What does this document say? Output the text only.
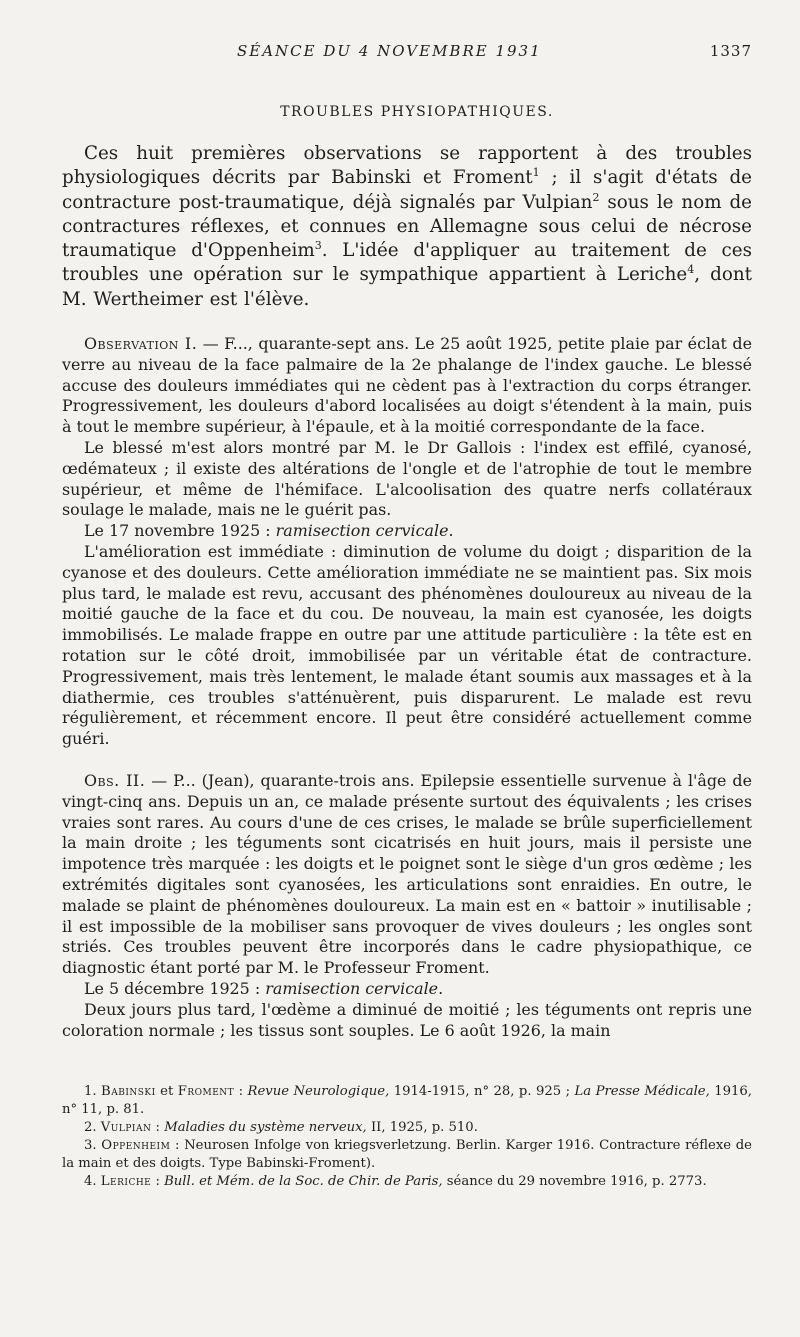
SÉANCE DU 4 NOVEMBRE 1931	1337
TROUBLES PHYSIOPATHIQUES.

Ces huit premières observations se rapportent à des troubles physiologiques décrits par Babinski et Froment$^1$ ; il s'agit d'états de contracture post-traumatique, déjà signalés par Vulpian$^2$ sous le nom de contractures réflexes, et connues en Allemagne sous celui de nécrose traumatique d'Oppenheim$^3$. L'idée d'appliquer au traitement de ces troubles une opération sur le sympathique appartient à Leriche$^4$, dont M. Wertheimer est l'élève.

Observation I. — F..., quarante-sept ans. Le 25 août 1925, petite plaie par éclat de verre au niveau de la face palmaire de la 2e phalange de l'index gauche. Le blessé accuse des douleurs immédiates qui ne cèdent pas à l'extraction du corps étranger. Progressivement, les douleurs d'abord localisées au doigt s'étendent à la main, puis à tout le membre supérieur, à l'épaule, et à la moitié correspondante de la face.

Le blessé m'est alors montré par M. le Dr Gallois : l'index est effilé, cyanosé, œdémateux ; il existe des altérations de l'ongle et de l'atrophie de tout le membre supérieur, et même de l'hémiface. L'alcoolisation des quatre nerfs collatéraux soulage le malade, mais ne le guérit pas.

Le 17 novembre 1925 : ramisection cervicale.

L'amélioration est immédiate : diminution de volume du doigt ; disparition de la cyanose et des douleurs. Cette amélioration immédiate ne se maintient pas. Six mois plus tard, le malade est revu, accusant des phénomènes douloureux au niveau de la moitié gauche de la face et du cou. De nouveau, la main est cyanosée, les doigts immobilisés. Le malade frappe en outre par une attitude particulière : la tête est en rotation sur le côté droit, immobilisée par un véritable état de contracture. Progressivement, mais très lentement, le malade étant soumis aux massages et à la diathermie, ces troubles s'atténuèrent, puis disparurent. Le malade est revu régulièrement, et récemment encore. Il peut être considéré actuellement comme guéri.

Obs. II. — P... (Jean), quarante-trois ans. Epilepsie essentielle survenue à l'âge de vingt-cinq ans. Depuis un an, ce malade présente surtout des équivalents ; les crises vraies sont rares. Au cours d'une de ces crises, le malade se brûle superficiellement la main droite ; les téguments sont cicatrisés en huit jours, mais il persiste une impotence très marquée : les doigts et le poignet sont le siège d'un gros œdème ; les extrémités digitales sont cyanosées, les articulations sont enraidies. En outre, le malade se plaint de phénomènes douloureux. La main est en « battoir » inutilisable ; il est impossible de la mobiliser sans provoquer de vives douleurs ; les ongles sont striés. Ces troubles peuvent être incorporés dans le cadre physiopathique, ce diagnostic étant porté par M. le Professeur Froment.

Le 5 décembre 1925 : ramisection cervicale.

Deux jours plus tard, l'œdème a diminué de moitié ; les téguments ont repris une coloration normale ; les tissus sont souples. Le 6 août 1926, la main

1. Babinski et Froment : Revue Neurologique, 1914-1915, n° 28, p. 925 ; La Presse Médicale, 1916, n° 11, p. 81.

2. Vulpian : Maladies du système nerveux, II, 1925, p. 510.

3. Oppenheim : Neurosen Infolge von kriegsverletzung. Berlin. Karger 1916. Contracture réflexe de la main et des doigts. Type Babinski-Froment).

4. Leriche : Bull. et Mém. de la Soc. de Chir. de Paris, séance du 29 novembre 1916, p. 2773.
